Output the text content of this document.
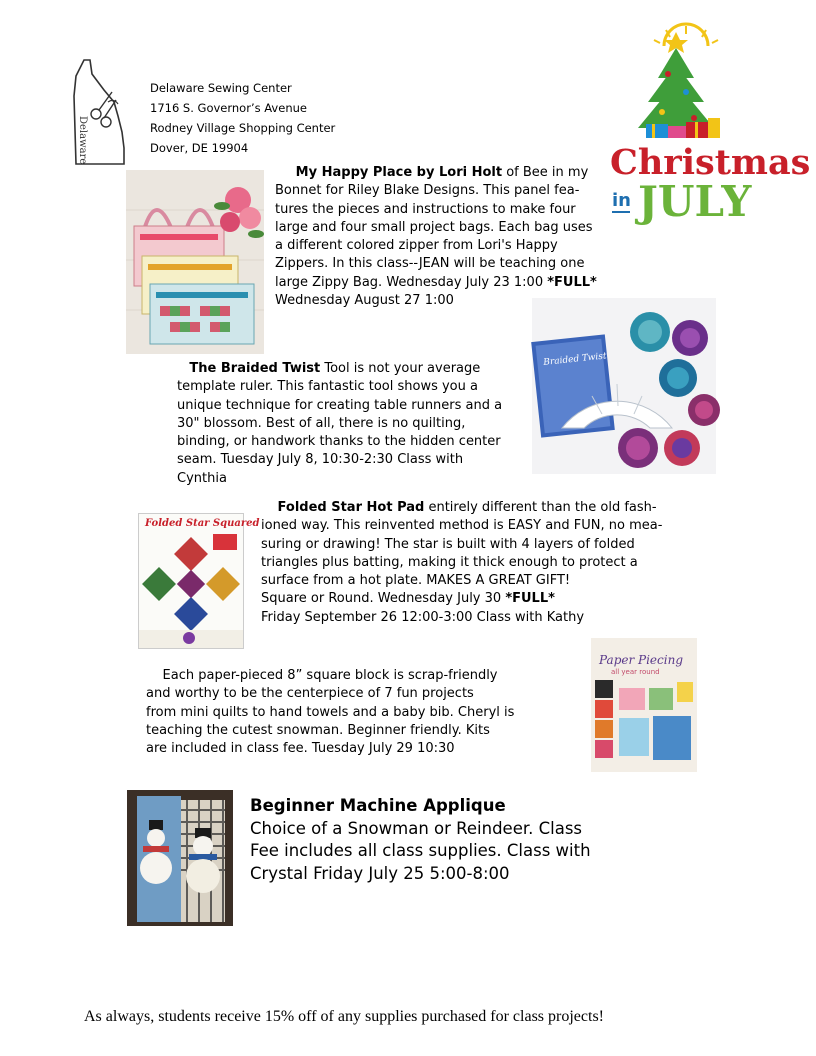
Delaware
Delaware Sewing Center
1716 S. Governor’s Avenue
Rodney Village Shopping Center
Dover, DE 19904	Christmas
in JULY
My Happy Place by Lori Holt of Bee in my
Bonnet for Riley Blake Designs. This panel fea-
tures the pieces and instructions to make four
large and four small project bags. Each bag uses
a different colored zipper from Lori's Happy
Zippers. In this class--JEAN will be teaching one
large Zippy Bag. Wednesday July 23 1:00 *FULL*
Wednesday August 27 1:00
Braided Twist
The Braided Twist Tool is not your average
template ruler. This fantastic tool shows you a
unique technique for creating table runners and a
30" blossom. Best of all, there is no quilting,
binding, or handwork thanks to the hidden center
seam. Tuesday July 8, 10:30-2:30 Class with
Cynthia
Folded Star Squared
Folded Star Hot Pad entirely different than the old fash-
ioned way. This reinvented method is EASY and FUN, no mea-
suring or drawing! The star is built with 4 layers of folded
triangles plus batting, making it thick enough to protect a
surface from a hot plate. MAKES A GREAT GIFT!
Square or Round. Wednesday July 30 *FULL*
Friday September 26 12:00-3:00 Class with Kathy
Each paper-pieced 8” square block is scrap-friendly
and worthy to be the centerpiece of 7 fun projects
from mini quilts to hand towels and a baby bib. Cheryl is
teaching the cutest snowman. Beginner friendly. Kits
are included in class fee. Tuesday July 29 10:30
Paper Piecing
all year round
Beginner Machine Applique
Choice of a Snowman or Reindeer. Class
Fee includes all class supplies. Class with
Crystal Friday July 25 5:00-8:00
As always, students receive 15% off of any supplies purchased for class projects!
